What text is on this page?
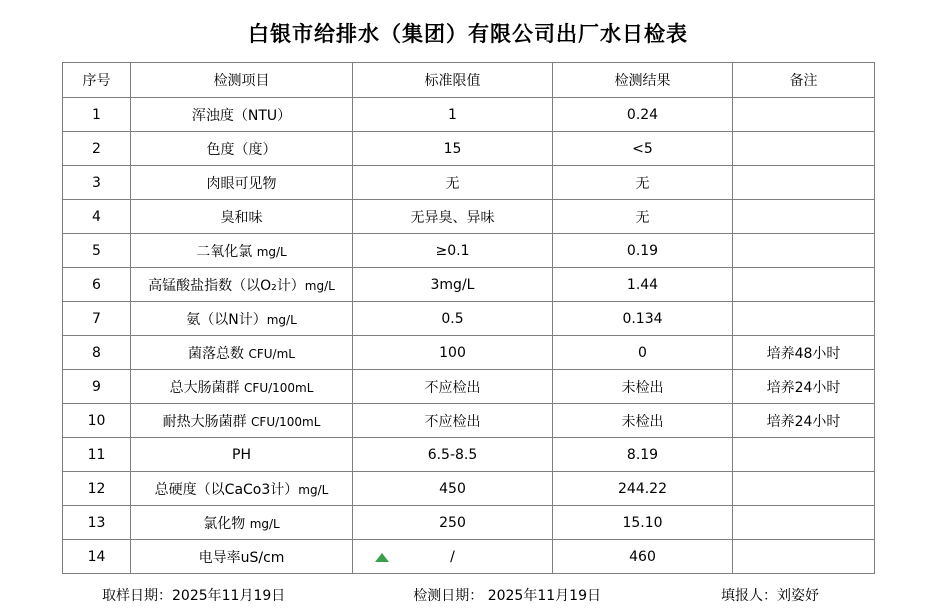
白银市给排水（集团）有限公司出厂水日检表
序号	检测项目	标准限值	检测结果	备注
1	浑浊度（NTU）	1	0.24	
2	色度（度）	15	<5	
3	肉眼可见物	无	无	
4	臭和味	无异臭、异味	无	
5	二氧化氯 mg/L	≥0.1	0.19	
6	高锰酸盐指数（以O₂计）mg/L	3mg/L	1.44	
7	氨（以N计）mg/L	0.5	0.134	
8	菌落总数 CFU/mL	100	0	培养48小时
9	总大肠菌群 CFU/100mL	不应检出	未检出	培养24小时
10	耐热大肠菌群 CFU/100mL	不应检出	未检出	培养24小时
11	PH	6.5-8.5	8.19	
12	总硬度（以CaCo3计）mg/L	450	244.22	
13	氯化物 mg/L	250	15.10	
14	电导率uS/cm	/	460	
取样日期：2025年11月19日	检测日期： 2025年11月19日	填报人：刘姿妤
